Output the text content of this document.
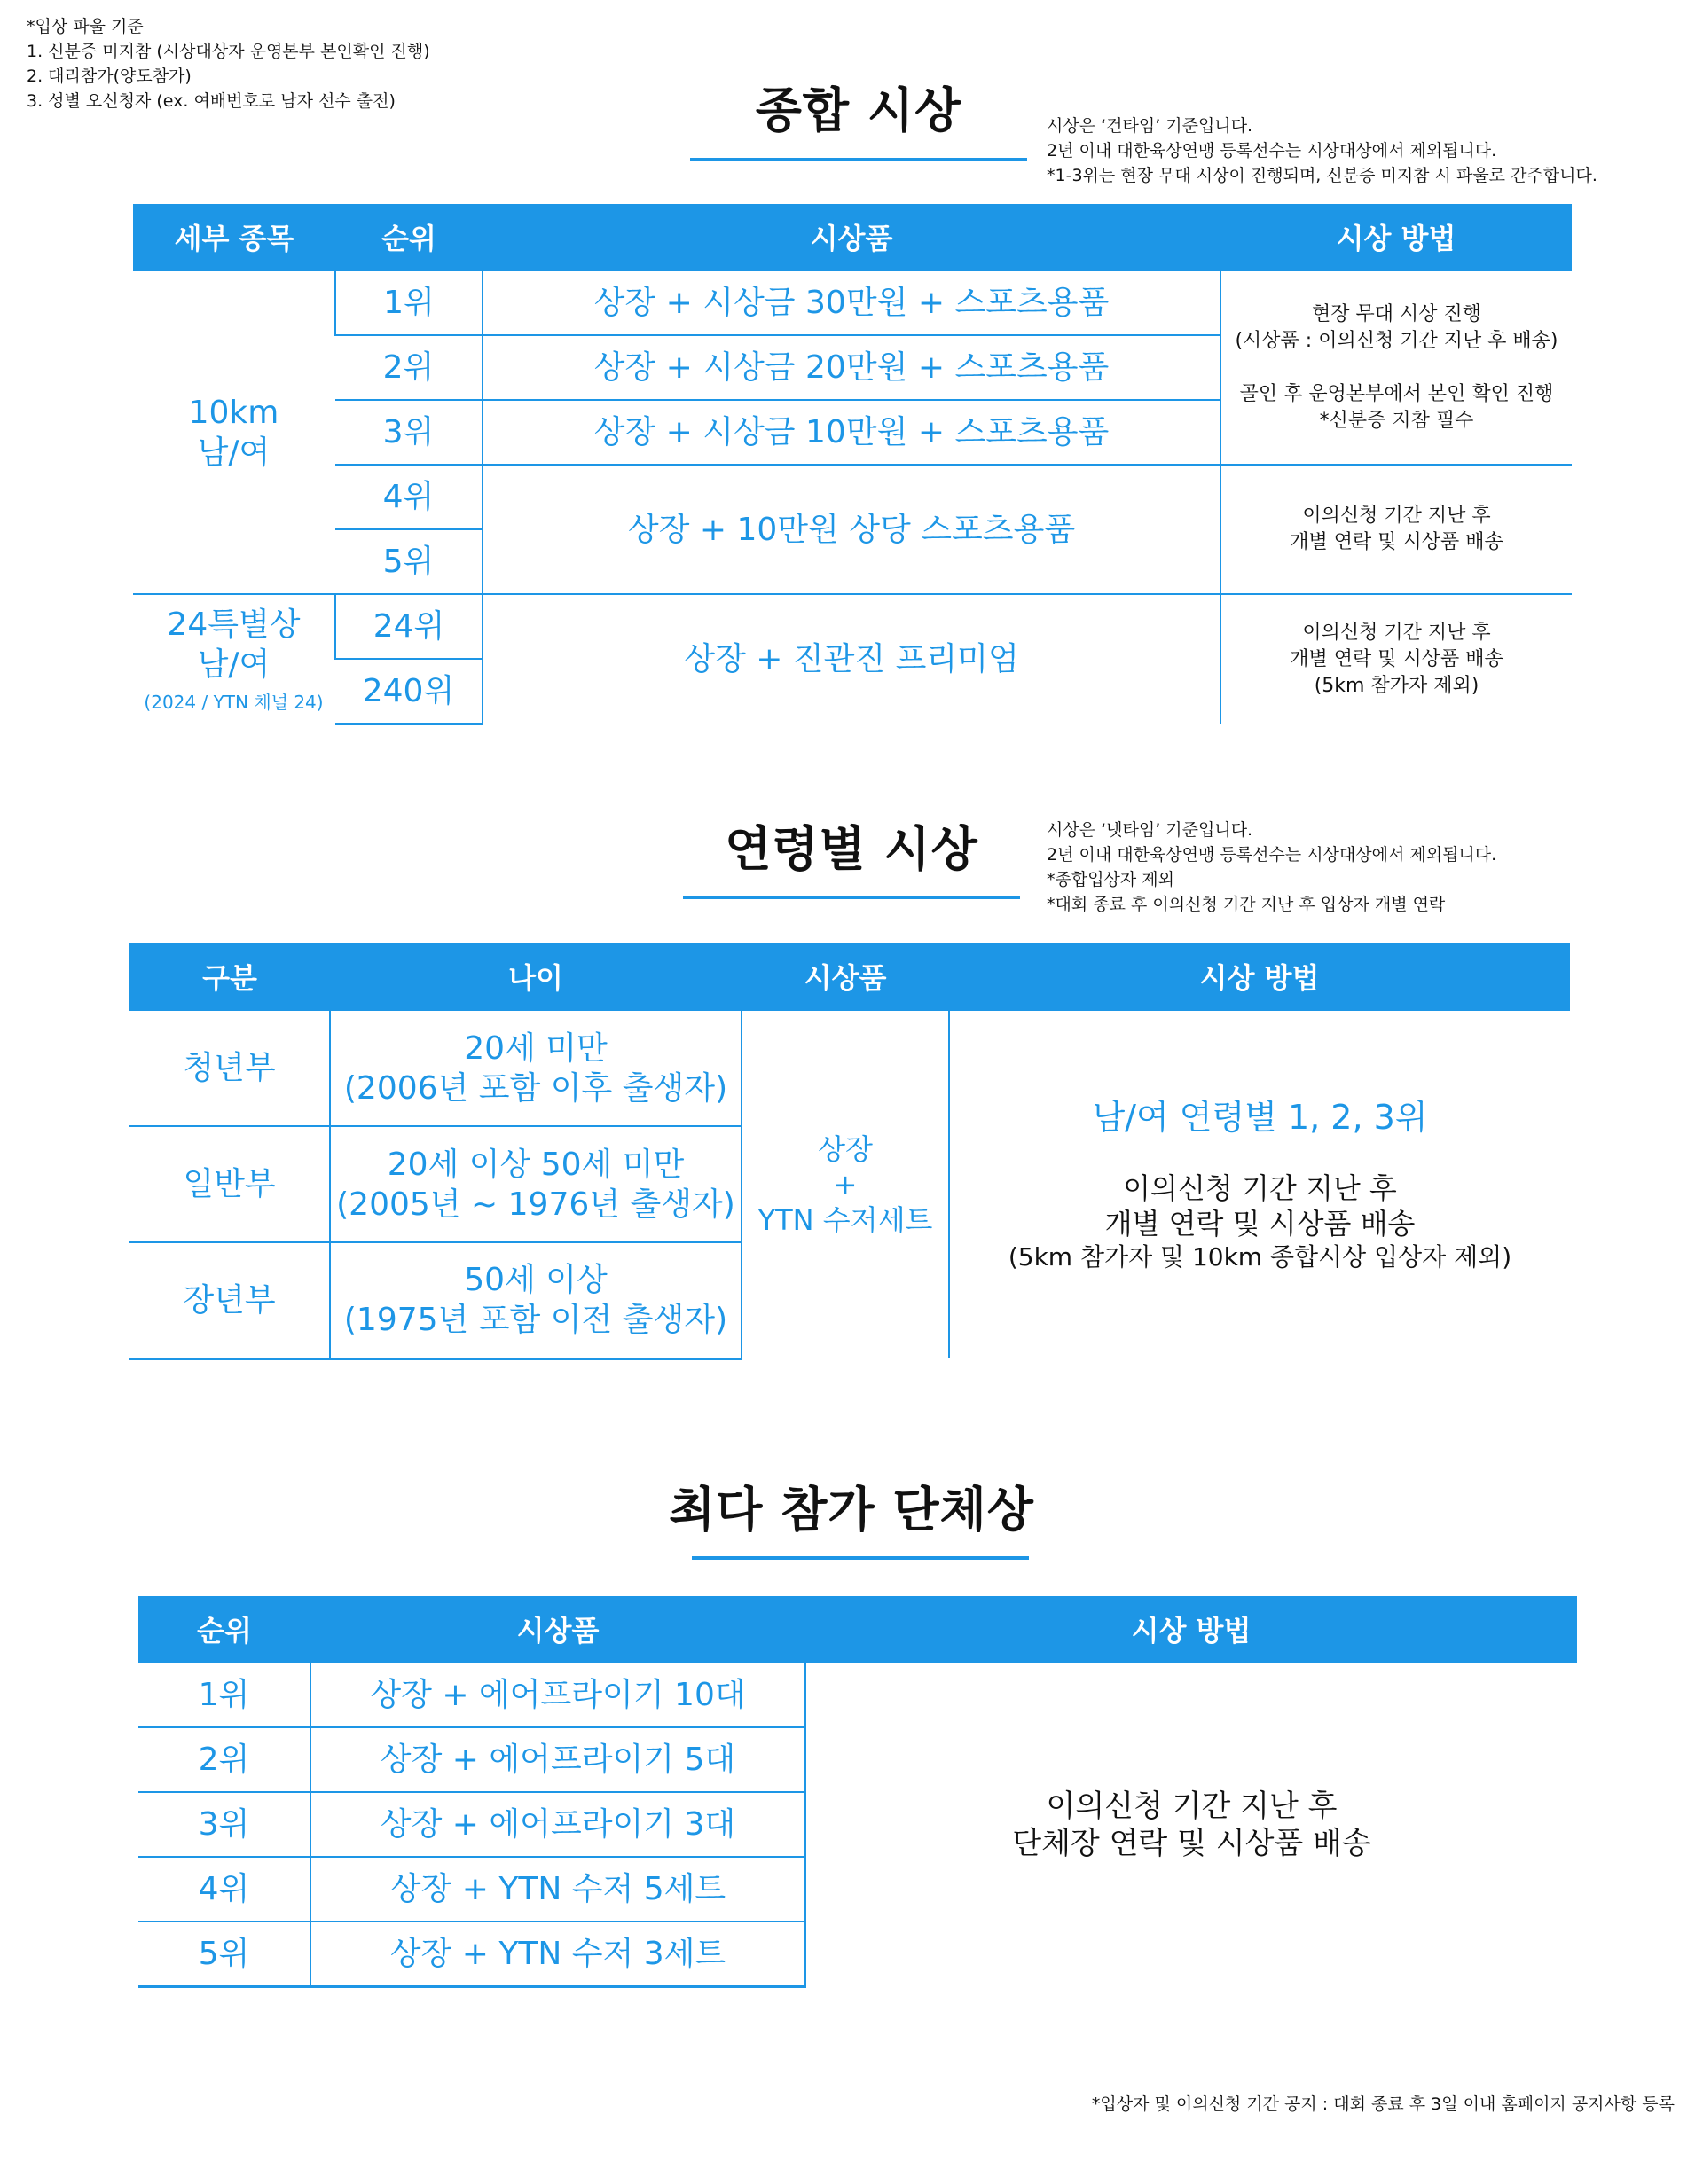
*입상 파울 기준
1. 신분증 미지참 (시상대상자 운영본부 본인확인 진행)
2. 대리참가(양도참가)
3. 성별 오신청자 (ex. 여배번호로 남자 선수 출전)	종합 시상	시상은 ‘건타임’ 기준입니다.
2년 이내 대한육상연맹 등록선수는 시상대상에서 제외됩니다.
*1-3위는 현장 무대 시상이 진행되며, 신분증 미지참 시 파울로 간주합니다.
세부 종목	순위	시상품	시상 방법

10km
남/여	1위	상장 + 시상금 30만원 + 스포츠용품	현장 무대 시상 진행
(시상품 : 이의신청 기간 지난 후 배송)
골인 후 운영본부에서 본인 확인 진행
*신분증 지참 필수

	2위	상장 + 시상금 20만원 + 스포츠용품	
	3위	상장 + 시상금 10만원 + 스포츠용품	
	4위	상장 + 10만원 상당 스포츠용품	이의신청 기간 지난 후
개별 연락 및 시상품 배송

	5위		

24특별상
남/여
(2024 / YTN 채널 24)	24위	상장 + 진관진 프리미엄	이의신청 기간 지난 후
개별 연락 및 시상품 배송
(5km 참가자 제외)

	240위		
연령별 시상	시상은 ‘넷타임’ 기준입니다.
2년 이내 대한육상연맹 등록선수는 시상대상에서 제외됩니다.
*종합입상자 제외
*대회 종료 후 이의신청 기간 지난 후 입상자 개별 연락
구분	나이	시상품	시상 방법
청년부	20세 미만
(2006년 포함 이후 출생자)	상장
+
YTN 수저세트	남/여 연령별 1, 2, 3위
이의신청 기간 지난 후
개별 연락 및 시상품 배송
(5km 참가자 및 10km 종합시상 입상자 제외)

일반부	20세 이상 50세 미만
(2005년 ~ 1976년 출생자)		

장년부	50세 이상
(1975년 포함 이전 출생자)		
최다 참가 단체상
순위	시상품	시상 방법
1위	상장 + 에어프라이기 10대	이의신청 기간 지난 후
단체장 연락 및 시상품 배송

2위	상장 + 에어프라이기 5대	
3위	상장 + 에어프라이기 3대	
4위	상장 + YTN 수저 5세트	
5위	상장 + YTN 수저 3세트	
*입상자 및 이의신청 기간 공지 : 대회 종료 후 3일 이내 홈페이지 공지사항 등록
